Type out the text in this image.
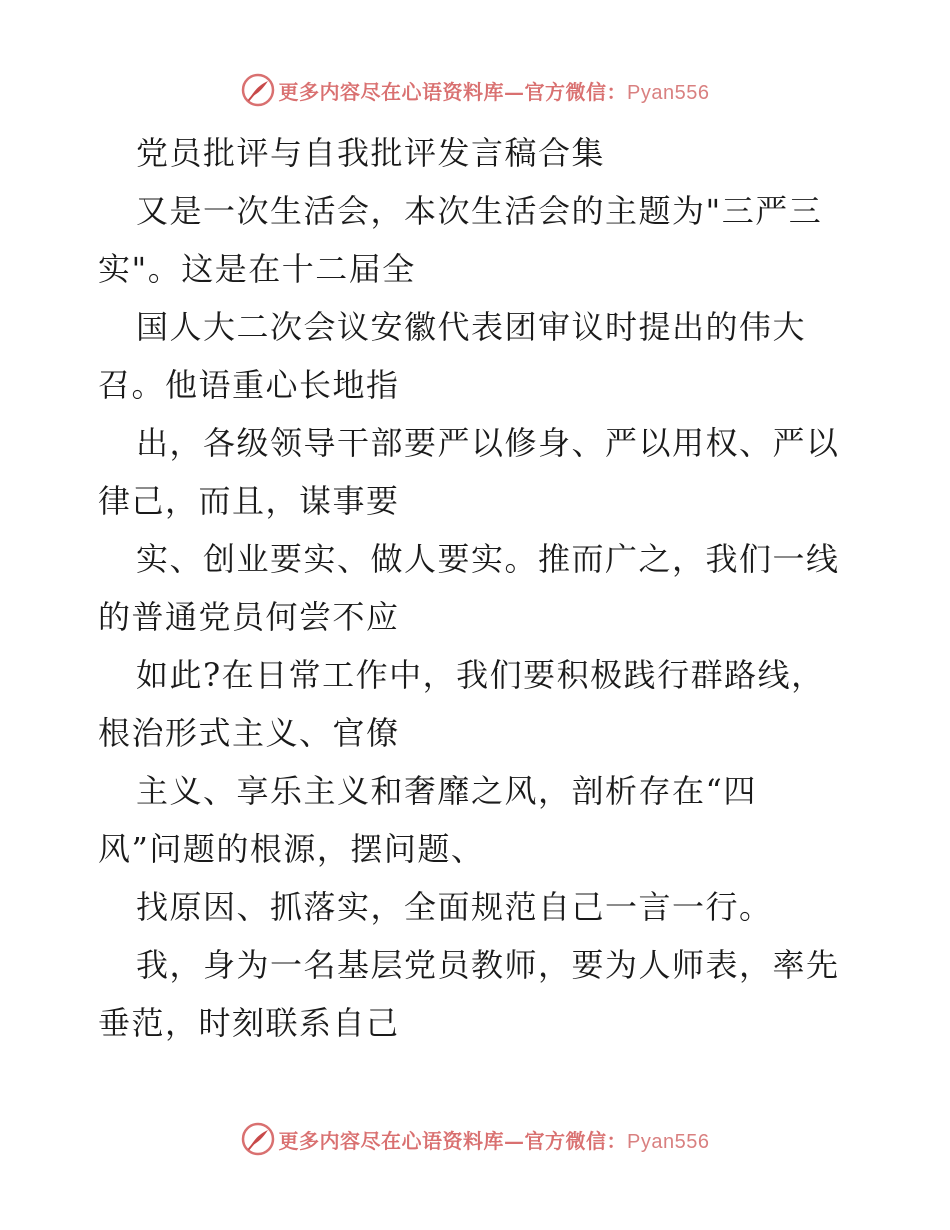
更多内容尽在心语资料库—官方微信：Pyan556
党员批评与自我批评发言稿合集
又是一次生活会，本次生活会的主题为"三严三
实"。这是在十二届全
国人大二次会议安徽代表团审议时提出的伟大
召。他语重心长地指
出，各级领导干部要严以修身、严以用权、严以
律己，而且，谋事要
实、创业要实、做人要实。推而广之，我们一线
的普通党员何尝不应
如此?在日常工作中，我们要积极践行群路线，
根治形式主义、官僚
主义、享乐主义和奢靡之风，剖析存在“四
风”问题的根源，摆问题、
找原因、抓落实，全面规范自己一言一行。
我，身为一名基层党员教师，要为人师表，率先
垂范，时刻联系自己
更多内容尽在心语资料库—官方微信：Pyan556
